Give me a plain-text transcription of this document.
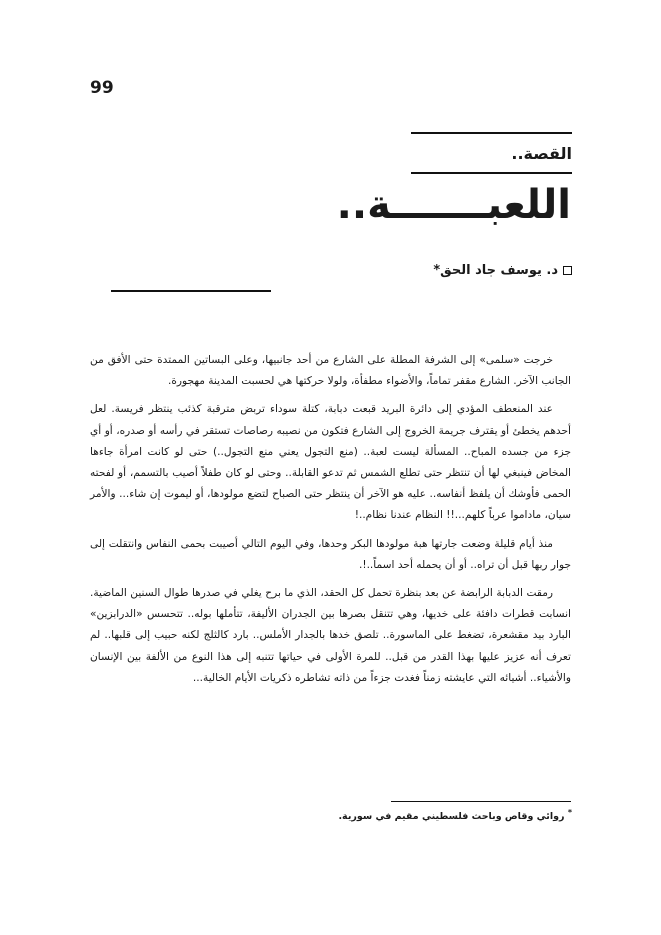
99
القصة..
اللعبـــــــة..
د. يوسف جاد الحق*

خرجت «سلمى» إلى الشرفة المطلة على الشارع من أحد جانبيها، وعلى البساتين الممتدة حتى الأفق من الجانب الآخر. الشارع مقفر تماماً، والأضواء مطفأة، ولولا حركتها هي لحسبت المدينة مهجورة.

عند المنعطف المؤدي إلى دائرة البريد قبعت دبابة، كتلة سوداء تربض مترقبة كذئب ينتظر فريسة. لعل أحدهم يخطئ أو يقترف جريمة الخروج إلى الشارع فتكون من نصيبه رصاصات تستقر في رأسه أو صدره، أو أي جزء من جسده المباح.. المسألة ليست لعبة.. (منع التجول يعني منع التجول..) حتى لو كانت امرأة جاءها المخاض فينبغي لها أن تنتظر حتى تطلع الشمس ثم تدعو القابلة.. وحتى لو كان طفلاً أصيب بالتسمم، أو لفحته الحمى فأوشك أن يلفظ أنفاسه.. عليه هو الآخر أن ينتظر حتى الصباح لتضع مولودها، أو ليموت إن شاء... والأمر سيان، ماداموا عرباً كلهم...!! النظام عندنا نظام..!

منذ أيام قليلة وضعت جارتها هبة مولودها البكر وحدها، وفي اليوم التالي أصيبت بحمى النفاس وانتقلت إلى جوار ربها قبل أن تراه.. أو أن يحمله أحد اسماً..!.

رمقت الدبابة الرابضة عن بعد بنظرة تحمل كل الحقد، الذي ما برح يغلي في صدرها طوال السنين الماضية. انسابت قطرات دافئة على خديها، وهي تتنقل بصرها بين الجدران الأليفة، تتأملها بوله.. تتحسس «الدرابزين» البارد بيد مقشعرة، تضغط على الماسورة.. تلصق خدها بالجدار الأملس.. بارد كالثلج لكنه حبيب إلى قلبها.. لم تعرف أنه عزيز عليها بهذا القدر من قبل.. للمرة الأولى في حياتها تتنبه إلى هذا النوع من الألفة بين الإنسان والأشياء.. أشيائه التي عايشته زمناً فغدت جزءاً من ذاته تشاطره ذكريات الأيام الخالية...

* روائي وقاص وباحث فلسطيني مقيم في سورية.
